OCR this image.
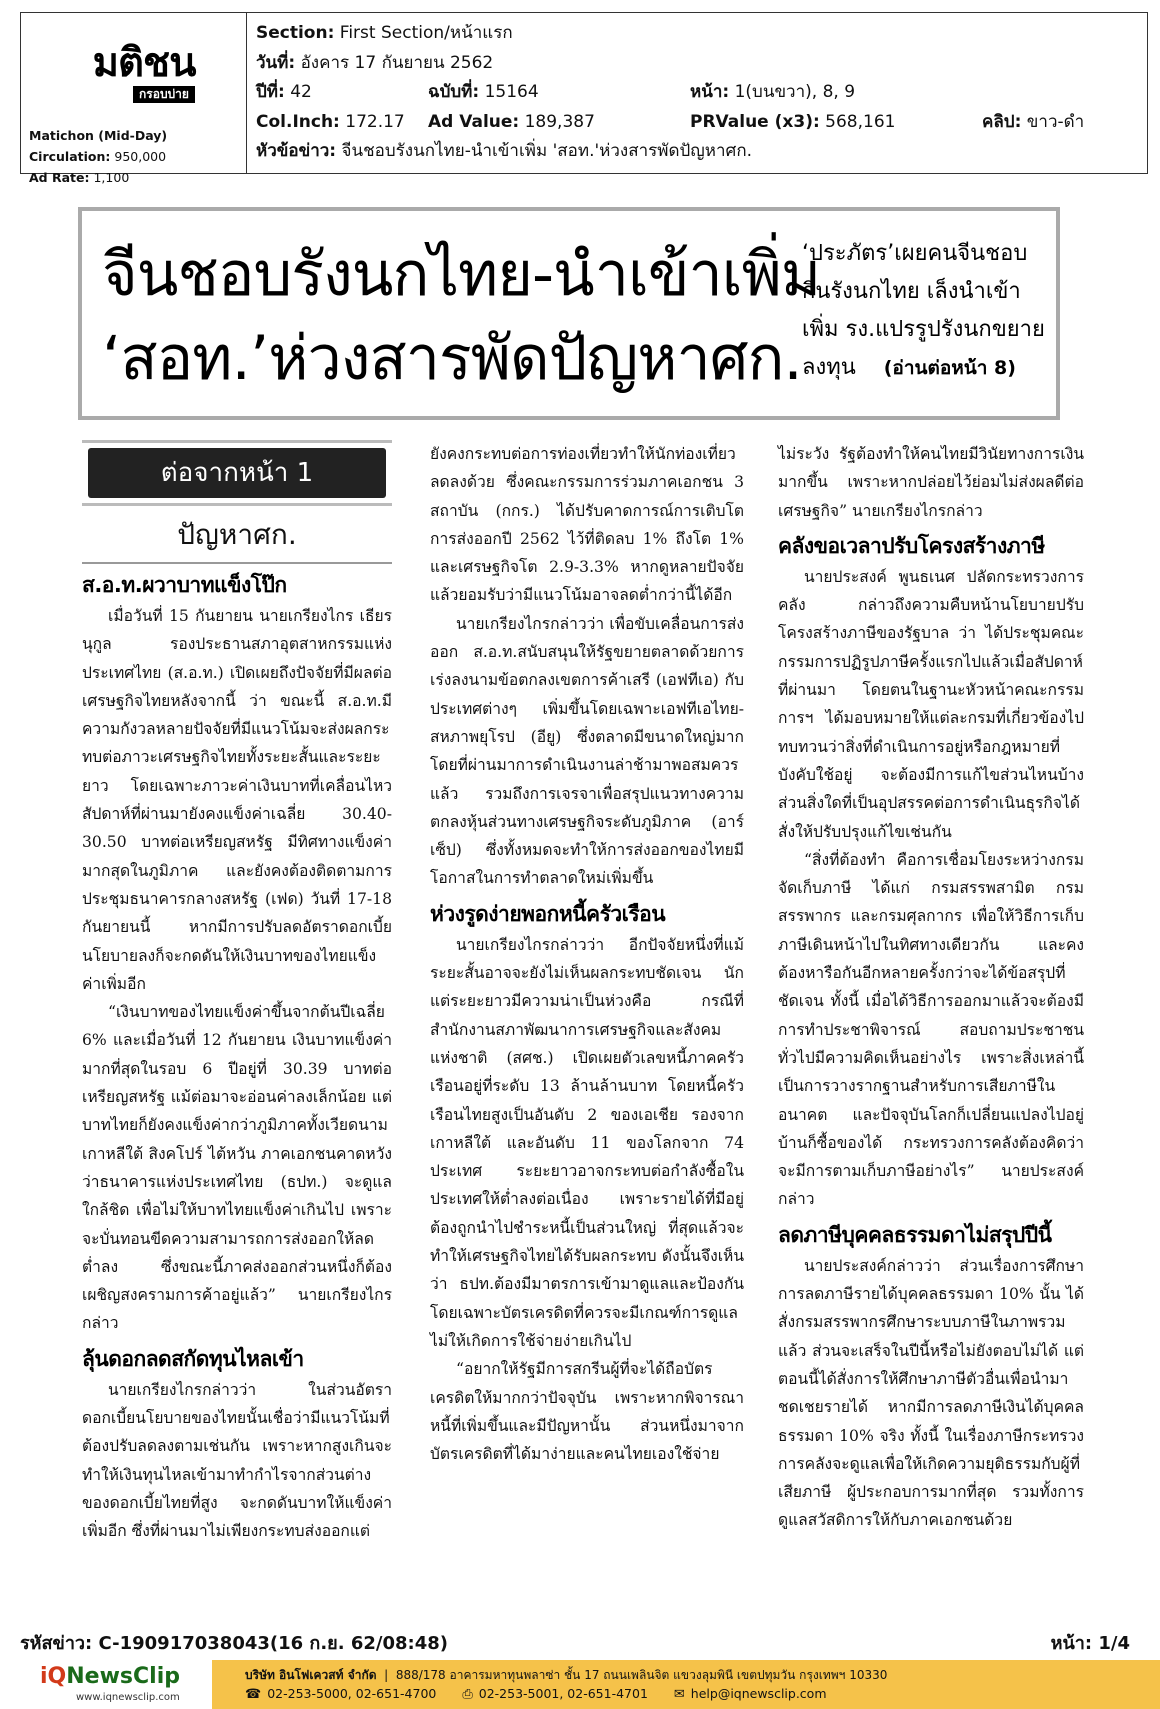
มติชน
กรอบบ่าย
Matichon (Mid-Day)
Circulation: 950,000
Ad Rate: 1,100
Section:
First Section/หน้าแรก
วันที่:
อังคาร 17 กันยายน 2562
ปีที่: 42	ฉบับที่: 15164	หน้า: 1(บนขวา), 8, 9
Col.Inch: 172.17	Ad Value: 189,387	PRValue (x3): 568,161	คลิป: ขาว-ดำ
หัวข้อข่าว:
จีนชอบรังนกไทย-นำเข้าเพิ่ม 'สอท.'ห่วงสารพัดปัญหาศก.
จีนชอบรังนกไทย-นำเข้าเพิ่ม
‘สอท.’ห่วงสารพัดปัญหาศก.
‘ประภัตร’เผยคนจีนชอบ
กินรังนกไทย เล็งนำเข้า
เพิ่ม รง.แปรรูปรังนกขยาย
ลงทุน (อ่านต่อหน้า 8)
ต่อจากหน้า 1
ปัญหาศก.
ส.อ.ท.ผวาบาทแข็งโป๊ก

เมื่อวันที่ 15 กันยายน นายเกรียงไกร เธียรนุกูล รองประธานสภาอุตสาหกรรมแห่งประเทศไทย (ส.อ.ท.) เปิดเผยถึงปัจจัยที่มีผลต่อเศรษฐกิจไทยหลังจากนี้ ว่า ขณะนี้ ส.อ.ท.มีความกังวลหลายปัจจัยที่มีแนวโน้มจะส่งผลกระทบต่อภาวะเศรษฐกิจไทยทั้งระยะสั้นและระยะยาว โดยเฉพาะภาวะค่าเงินบาทที่เคลื่อนไหวสัปดาห์ที่ผ่านมายังคงแข็งค่าเฉลี่ย 30.40-30.50 บาทต่อเหรียญสหรัฐ มีทิศทางแข็งค่ามากสุดในภูมิภาค และยังคงต้องติดตามการประชุมธนาคารกลางสหรัฐ (เฟด) วันที่ 17-18 กันยายนนี้ หากมีการปรับลดอัตราดอกเบี้ยนโยบายลงก็จะกดดันให้เงินบาทของไทยแข็งค่าเพิ่มอีก

“เงินบาทของไทยแข็งค่าขึ้นจากต้นปีเฉลี่ย 6% และเมื่อวันที่ 12 กันยายน เงินบาทแข็งค่ามากที่สุดในรอบ 6 ปีอยู่ที่ 30.39 บาทต่อเหรียญสหรัฐ แม้ต่อมาจะอ่อนค่าลงเล็กน้อย แต่บาทไทยก็ยังคงแข็งค่ากว่าภูมิภาคทั้งเวียดนาม เกาหลีใต้ สิงคโปร์ ไต้หวัน ภาคเอกชนคาดหวังว่าธนาคารแห่งประเทศไทย (ธปท.) จะดูแลใกล้ชิด เพื่อไม่ให้บาทไทยแข็งค่าเกินไป เพราะจะบั่นทอนขีดความสามารถการส่งออกให้ลดต่ำลง ซึ่งขณะนี้ภาคส่งออกส่วนหนึ่งก็ต้องเผชิญสงครามการค้าอยู่แล้ว” นายเกรียงไกรกล่าว

ลุ้นดอกลดสกัดทุนไหลเข้า

นายเกรียงไกรกล่าวว่า ในส่วนอัตราดอกเบี้ยนโยบายของไทยนั้นเชื่อว่ามีแนวโน้มที่ต้องปรับลดลงตามเช่นกัน เพราะหากสูงเกินจะทำให้เงินทุนไหลเข้ามาทำกำไรจากส่วนต่างของดอกเบี้ยไทยที่สูง จะกดดันบาทให้แข็งค่าเพิ่มอีก ซึ่งที่ผ่านมาไม่เพียงกระทบส่งออกแต่

ยังคงกระทบต่อการท่องเที่ยวทำให้นักท่องเที่ยวลดลงด้วย ซึ่งคณะกรรมการร่วมภาคเอกชน 3 สถาบัน (กกร.) ได้ปรับคาดการณ์การเติบโตการส่งออกปี 2562 ไว้ที่ติดลบ 1% ถึงโต 1% และเศรษฐกิจโต 2.9-3.3% หากดูหลายปัจจัยแล้วยอมรับว่ามีแนวโน้มอาจลดต่ำกว่านี้ได้อีก

นายเกรียงไกรกล่าวว่า เพื่อขับเคลื่อนการส่งออก ส.อ.ท.สนับสนุนให้รัฐขยายตลาดด้วยการเร่งลงนามข้อตกลงเขตการค้าเสรี (เอฟทีเอ) กับประเทศต่างๆ เพิ่มขึ้นโดยเฉพาะเอฟทีเอไทย-สหภาพยุโรป (อียู) ซึ่งตลาดมีขนาดใหญ่มาก โดยที่ผ่านมาการดำเนินงานล่าช้ามาพอสมควรแล้ว รวมถึงการเจรจาเพื่อสรุปแนวทางความตกลงหุ้นส่วนทางเศรษฐกิจระดับภูมิภาค (อาร์เซ็ป) ซึ่งทั้งหมดจะทำให้การส่งออกของไทยมีโอกาสในการทำตลาดใหม่เพิ่มขึ้น

ห่วงรูดง่ายพอกหนี้ครัวเรือน

นายเกรียงไกรกล่าวว่า อีกปัจจัยหนึ่งที่แม้ระยะสั้นอาจจะยังไม่เห็นผลกระทบชัดเจน นักแต่ระยะยาวมีความน่าเป็นห่วงคือ กรณีที่สำนักงานสภาพัฒนาการเศรษฐกิจและสังคมแห่งชาติ (สศช.) เปิดเผยตัวเลขหนี้ภาคครัวเรือนอยู่ที่ระดับ 13 ล้านล้านบาท โดยหนี้ครัวเรือนไทยสูงเป็นอันดับ 2 ของเอเชีย รองจากเกาหลีใต้ และอันดับ 11 ของโลกจาก 74 ประเทศ ระยะยาวอาจกระทบต่อกำลังซื้อในประเทศให้ต่ำลงต่อเนื่อง เพราะรายได้ที่มีอยู่ต้องถูกนำไปชำระหนี้เป็นส่วนใหญ่ ที่สุดแล้วจะทำให้เศรษฐกิจไทยได้รับผลกระทบ ดังนั้นจึงเห็นว่า ธปท.ต้องมีมาตรการเข้ามาดูแลและป้องกัน โดยเฉพาะบัตรเครดิตที่ควรจะมีเกณฑ์การดูแลไม่ให้เกิดการใช้จ่ายง่ายเกินไป

“อยากให้รัฐมีการสกรีนผู้ที่จะได้ถือบัตรเครดิตให้มากกว่าปัจจุบัน เพราะหากพิจารณาหนี้ที่เพิ่มขึ้นและมีปัญหานั้น ส่วนหนึ่งมาจากบัตรเครดิตที่ได้มาง่ายและคนไทยเองใช้จ่าย

ไม่ระวัง รัฐต้องทำให้คนไทยมีวินัยทางการเงินมากขึ้น เพราะหากปล่อยไว้ย่อมไม่ส่งผลดีต่อเศรษฐกิจ” นายเกรียงไกรกล่าว

คลังขอเวลาปรับโครงสร้างภาษี

นายประสงค์ พูนธเนศ ปลัดกระทรวงการคลัง กล่าวถึงความคืบหน้านโยบายปรับโครงสร้างภาษีของรัฐบาล ว่า ได้ประชุมคณะกรรมการปฏิรูปภาษีครั้งแรกไปแล้วเมื่อสัปดาห์ที่ผ่านมา โดยตนในฐานะหัวหน้าคณะกรรมการฯ ได้มอบหมายให้แต่ละกรมที่เกี่ยวข้องไปทบทวนว่าสิ่งที่ดำเนินการอยู่หรือกฎหมายที่บังคับใช้อยู่ จะต้องมีการแก้ไขส่วนไหนบ้าง ส่วนสิ่งใดที่เป็นอุปสรรคต่อการดำเนินธุรกิจได้สั่งให้ปรับปรุงแก้ไขเช่นกัน

“สิ่งที่ต้องทำ คือการเชื่อมโยงระหว่างกรมจัดเก็บภาษี ได้แก่ กรมสรรพสามิต กรมสรรพากร และกรมศุลกากร เพื่อให้วิธีการเก็บภาษีเดินหน้าไปในทิศทางเดียวกัน และคงต้องหารือกันอีกหลายครั้งกว่าจะได้ข้อสรุปที่ชัดเจน ทั้งนี้ เมื่อได้วิธีการออกมาแล้วจะต้องมีการทำประชาพิจารณ์ สอบถามประชาชนทั่วไปมีความคิดเห็นอย่างไร เพราะสิ่งเหล่านี้เป็นการวางรากฐานสำหรับการเสียภาษีในอนาคต และปัจจุบันโลกก็เปลี่ยนแปลงไปอยู่บ้านก็ซื้อของได้ กระทรวงการคลังต้องคิดว่าจะมีการตามเก็บภาษีอย่างไร” นายประสงค์กล่าว

ลดภาษีบุคคลธรรมดาไม่สรุปปีนี้

นายประสงค์กล่าวว่า ส่วนเรื่องการศึกษาการลดภาษีรายได้บุคคลธรรมดา 10% นั้น ได้สั่งกรมสรรพากรศึกษาระบบภาษีในภาพรวมแล้ว ส่วนจะเสร็จในปีนี้หรือไม่ยังตอบไม่ได้ แต่ตอนนี้ได้สั่งการให้ศึกษาภาษีตัวอื่นเพื่อนำมาชดเชยรายได้ หากมีการลดภาษีเงินได้บุคคลธรรมดา 10% จริง ทั้งนี้ ในเรื่องภาษีกระทรวงการคลังจะดูแลเพื่อให้เกิดความยุติธรรมกับผู้ที่เสียภาษี ผู้ประกอบการมากที่สุด รวมทั้งการดูแลสวัสดิการให้กับภาคเอกชนด้วย

รหัสข่าว: C-190917038043(16 ก.ย. 62/08:48)	หน้า: 1/4
iQNewsClip
www.iqnewsclip.com
บริษัท อินโฟเควสท์ จำกัด  |  888/178 อาคารมหาทุนพลาซ่า ชั้น 17 ถนนเพลินจิต แขวงลุมพินี เขตปทุมวัน กรุงเทพฯ 10330
☎ 02-253-5000, 02-651-4700 ⎙ 02-253-5001, 02-651-4701 ✉ help@iqnewsclip.com
